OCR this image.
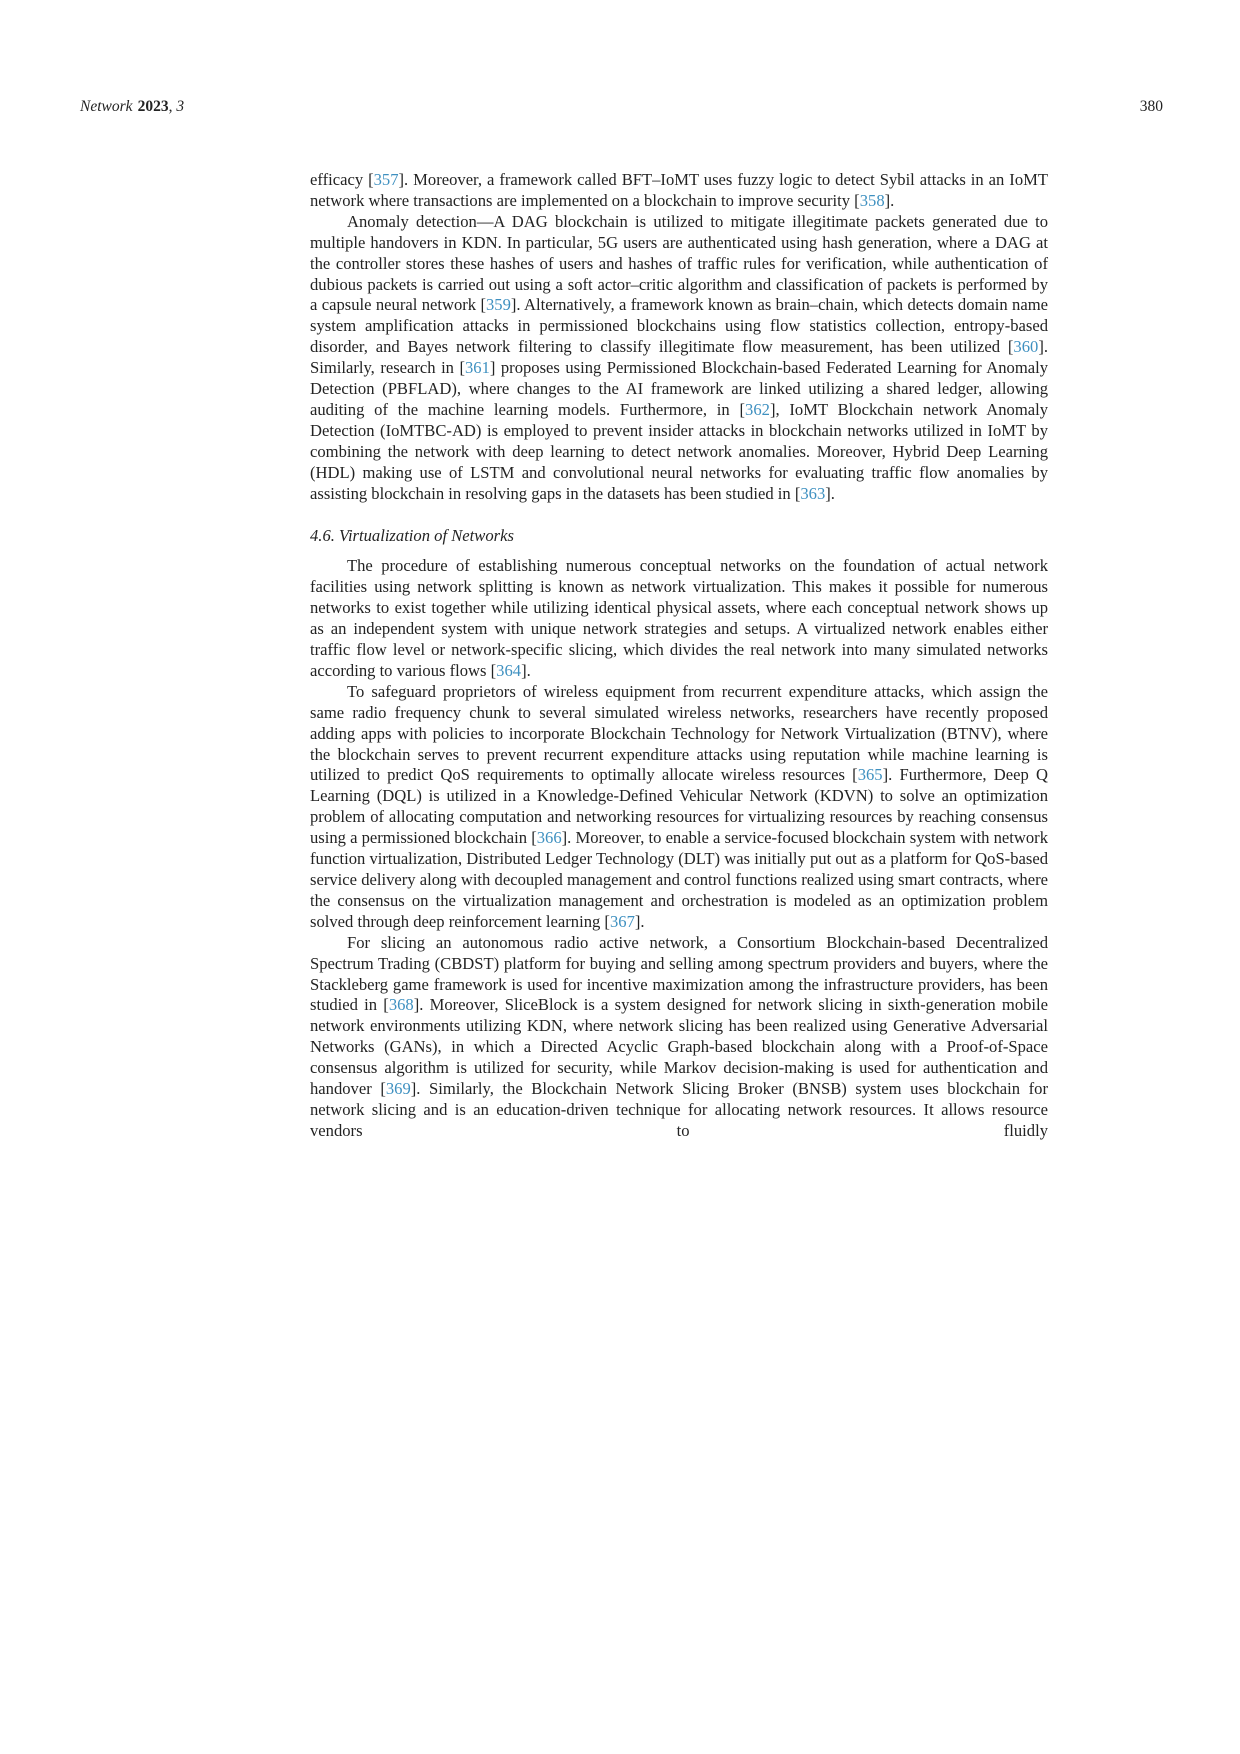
Network 2023, 3	380

efficacy [357]. Moreover, a framework called BFT–IoMT uses fuzzy logic to detect Sybil attacks in an IoMT network where transactions are implemented on a blockchain to improve security [358].

Anomaly detection—A DAG blockchain is utilized to mitigate illegitimate packets generated due to multiple handovers in KDN. In particular, 5G users are authenticated using hash generation, where a DAG at the controller stores these hashes of users and hashes of traffic rules for verification, while authentication of dubious packets is carried out using a soft actor–critic algorithm and classification of packets is performed by a capsule neural network [359]. Alternatively, a framework known as brain–chain, which detects domain name system amplification attacks in permissioned blockchains using flow statistics collection, entropy-based disorder, and Bayes network filtering to classify illegitimate flow measurement, has been utilized [360]. Similarly, research in [361] proposes using Permissioned Blockchain-based Federated Learning for Anomaly Detection (PBFLAD), where changes to the AI framework are linked utilizing a shared ledger, allowing auditing of the machine learning models. Furthermore, in [362], IoMT Blockchain network Anomaly Detection (IoMTBC-AD) is employed to prevent insider attacks in blockchain networks utilized in IoMT by combining the network with deep learning to detect network anomalies. Moreover, Hybrid Deep Learning (HDL) making use of LSTM and convolutional neural networks for evaluating traffic flow anomalies by assisting blockchain in resolving gaps in the datasets has been studied in [363].

4.6. Virtualization of Networks

The procedure of establishing numerous conceptual networks on the foundation of actual network facilities using network splitting is known as network virtualization. This makes it possible for numerous networks to exist together while utilizing identical physical assets, where each conceptual network shows up as an independent system with unique network strategies and setups. A virtualized network enables either traffic flow level or network-specific slicing, which divides the real network into many simulated networks according to various flows [364].

To safeguard proprietors of wireless equipment from recurrent expenditure attacks, which assign the same radio frequency chunk to several simulated wireless networks, researchers have recently proposed adding apps with policies to incorporate Blockchain Technology for Network Virtualization (BTNV), where the blockchain serves to prevent recurrent expenditure attacks using reputation while machine learning is utilized to predict QoS requirements to optimally allocate wireless resources [365]. Furthermore, Deep Q Learning (DQL) is utilized in a Knowledge-Defined Vehicular Network (KDVN) to solve an optimization problem of allocating computation and networking resources for virtualizing resources by reaching consensus using a permissioned blockchain [366]. Moreover, to enable a service-focused blockchain system with network function virtualization, Distributed Ledger Technology (DLT) was initially put out as a platform for QoS-based service delivery along with decoupled management and control functions realized using smart contracts, where the consensus on the virtualization management and orchestration is modeled as an optimization problem solved through deep reinforcement learning [367].

For slicing an autonomous radio active network, a Consortium Blockchain-based Decentralized Spectrum Trading (CBDST) platform for buying and selling among spectrum providers and buyers, where the Stackleberg game framework is used for incentive maximization among the infrastructure providers, has been studied in [368]. Moreover, SliceBlock is a system designed for network slicing in sixth-generation mobile network environments utilizing KDN, where network slicing has been realized using Generative Adversarial Networks (GANs), in which a Directed Acyclic Graph-based blockchain along with a Proof-of-Space consensus algorithm is utilized for security, while Markov decision-making is used for authentication and handover [369]. Similarly, the Blockchain Network Slicing Broker (BNSB) system uses blockchain for network slicing and is an education-driven technique for allocating network resources. It allows resource vendors to fluidly
